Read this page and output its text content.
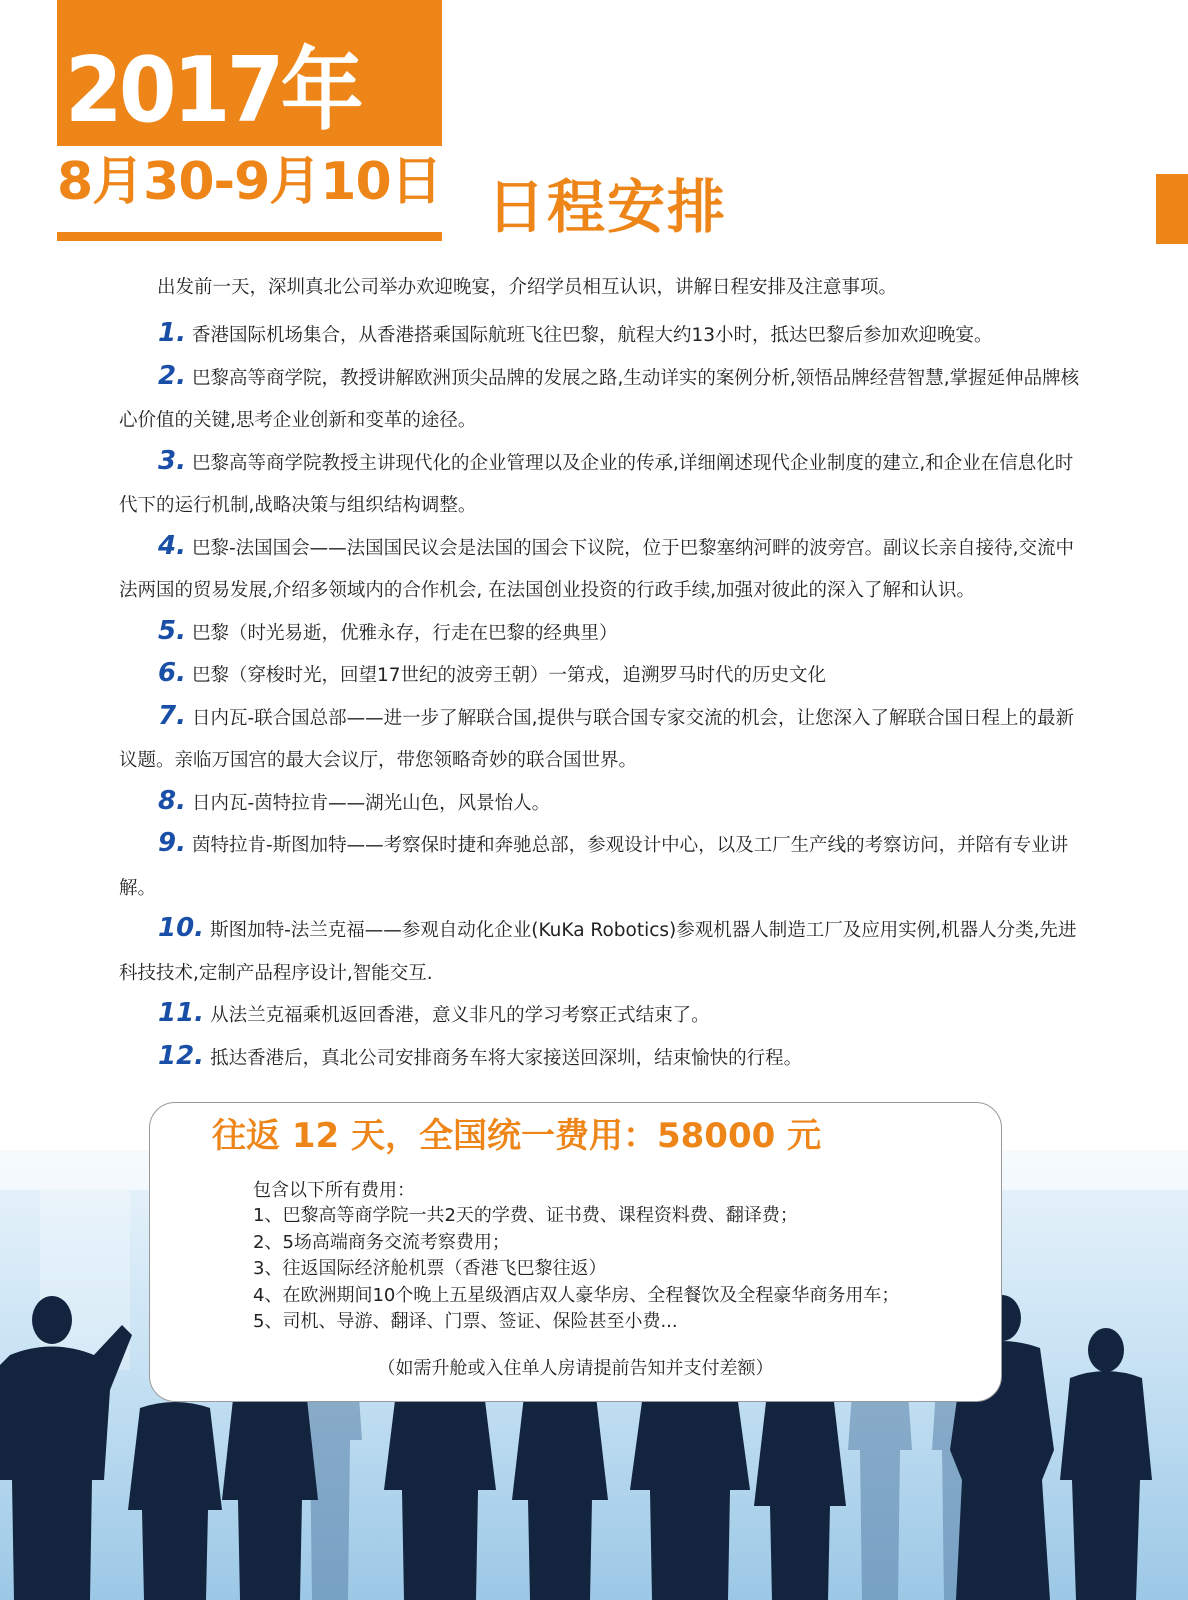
2017年
8月30-9月10日 日程安排
出发前一天，深圳真北公司举办欢迎晚宴，介绍学员相互认识，讲解日程安排及注意事项。
1. 香港国际机场集合，从香港搭乘国际航班飞往巴黎，航程大约13小时，抵达巴黎后参加欢迎晚宴。
2. 巴黎高等商学院，教授讲解欧洲顶尖品牌的发展之路,生动详实的案例分析,领悟品牌经营智慧,掌握延伸品牌核心价值的关键,思考企业创新和变革的途径。
3. 巴黎高等商学院教授主讲现代化的企业管理以及企业的传承,详细阐述现代企业制度的建立,和企业在信息化时代下的运行机制,战略决策与组织结构调整。
4. 巴黎-法国国会——法国国民议会是法国的国会下议院，位于巴黎塞纳河畔的波旁宫。副议长亲自接待,交流中法两国的贸易发展,介绍多领域内的合作机会, 在法国创业投资的行政手续,加强对彼此的深入了解和认识。
5. 巴黎（时光易逝，优雅永存，行走在巴黎的经典里）
6. 巴黎（穿梭时光，回望17世纪的波旁王朝）一第戎，追溯罗马时代的历史文化
7. 日内瓦-联合国总部——进一步了解联合国,提供与联合国专家交流的机会，让您深入了解联合国日程上的最新议题。亲临万国宫的最大会议厅，带您领略奇妙的联合国世界。
8. 日内瓦-茵特拉肯——湖光山色，风景怡人。
9. 茵特拉肯-斯图加特——考察保时捷和奔驰总部，参观设计中心，以及工厂生产线的考察访问，并陪有专业讲解。
10. 斯图加特-法兰克福——参观自动化企业(KuKa Robotics)参观机器人制造工厂及应用实例,机器人分类,先进科技技术,定制产品程序设计,智能交互.
11. 从法兰克福乘机返回香港，意义非凡的学习考察正式结束了。
12. 抵达香港后，真北公司安排商务车将大家接送回深圳，结束愉快的行程。
往返 12 天，全国统一费用：58000 元
包含以下所有费用：
1、巴黎高等商学院一共2天的学费、证书费、课程资料费、翻译费；
2、5场高端商务交流考察费用；
3、往返国际经济舱机票（香港飞巴黎往返）
4、在欧洲期间10个晚上五星级酒店双人豪华房、全程餐饮及全程豪华商务用车；
5、司机、导游、翻译、门票、签证、保险甚至小费...
（如需升舱或入住单人房请提前告知并支付差额）
